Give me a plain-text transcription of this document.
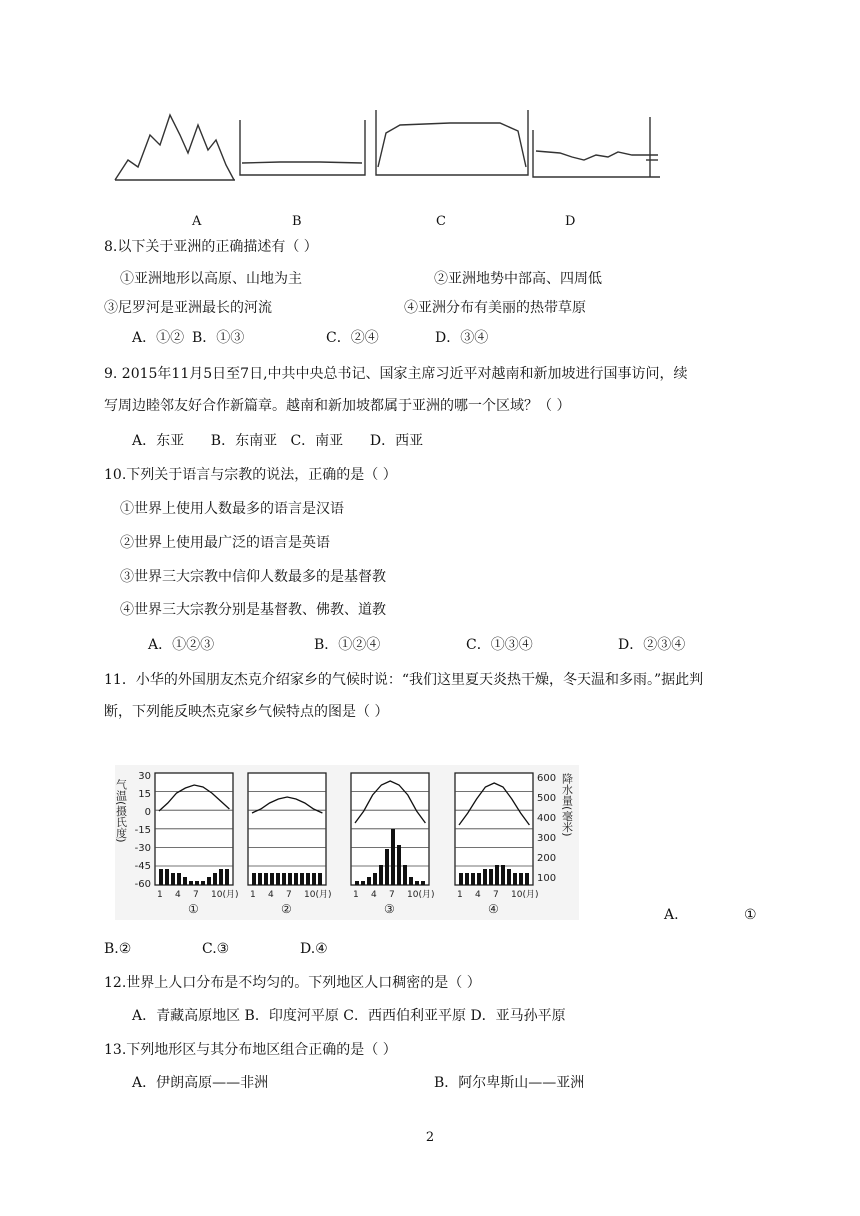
A	B	C	D
8.以下关于亚洲的正确描述有（ ）
①亚洲地形以高原、山地为主	②亚洲地势中部高、四周低
③尼罗河是亚洲最长的河流	④亚洲分布有美丽的热带草原
A．①② B．①③	C．②④	D．③④
9. 2015年11月5日至7日,中共中央总书记、国家主席习近平对越南和新加坡进行国事访问，续
写周边睦邻友好合作新篇章。越南和新加坡都属于亚洲的哪一个区域？（ ）
A．东亚      B．东南亚   C．南亚      D．西亚
10.下列关于语言与宗教的说法，正确的是（ ）
①世界上使用人数最多的语言是汉语
②世界上使用最广泛的语言是英语
③世界三大宗教中信仰人数最多的是基督教
④世界三大宗教分别是基督教、佛教、道教
A．①②③	B．①②④	C．①③④	D．②③④
11．小华的外国朋友杰克介绍家乡的气候时说：“我们这里夏天炎热干燥，冬天温和多雨。”据此判
断，下列能反映杰克家乡气候特点的图是（ ）
气温(摄氏度)	降水量(毫米)
30
15
0
-15
-30
-45
-60
600
500
400
300
200
100
1 4 7 10(月)
①
1 4 7 10(月)
②
1 4 7 10(月)
③
1 4 7 10(月)
④	A.	①
B.②	C.③	D.④
12.世界上人口分布是不均匀的。下列地区人口稠密的是（ ）
A．青藏高原地区 B．印度河平原 C．西西伯利亚平原 D．亚马孙平原
13.下列地形区与其分布地区组合正确的是（ ）
A．伊朗高原——非洲	B．阿尔卑斯山——亚洲
2
